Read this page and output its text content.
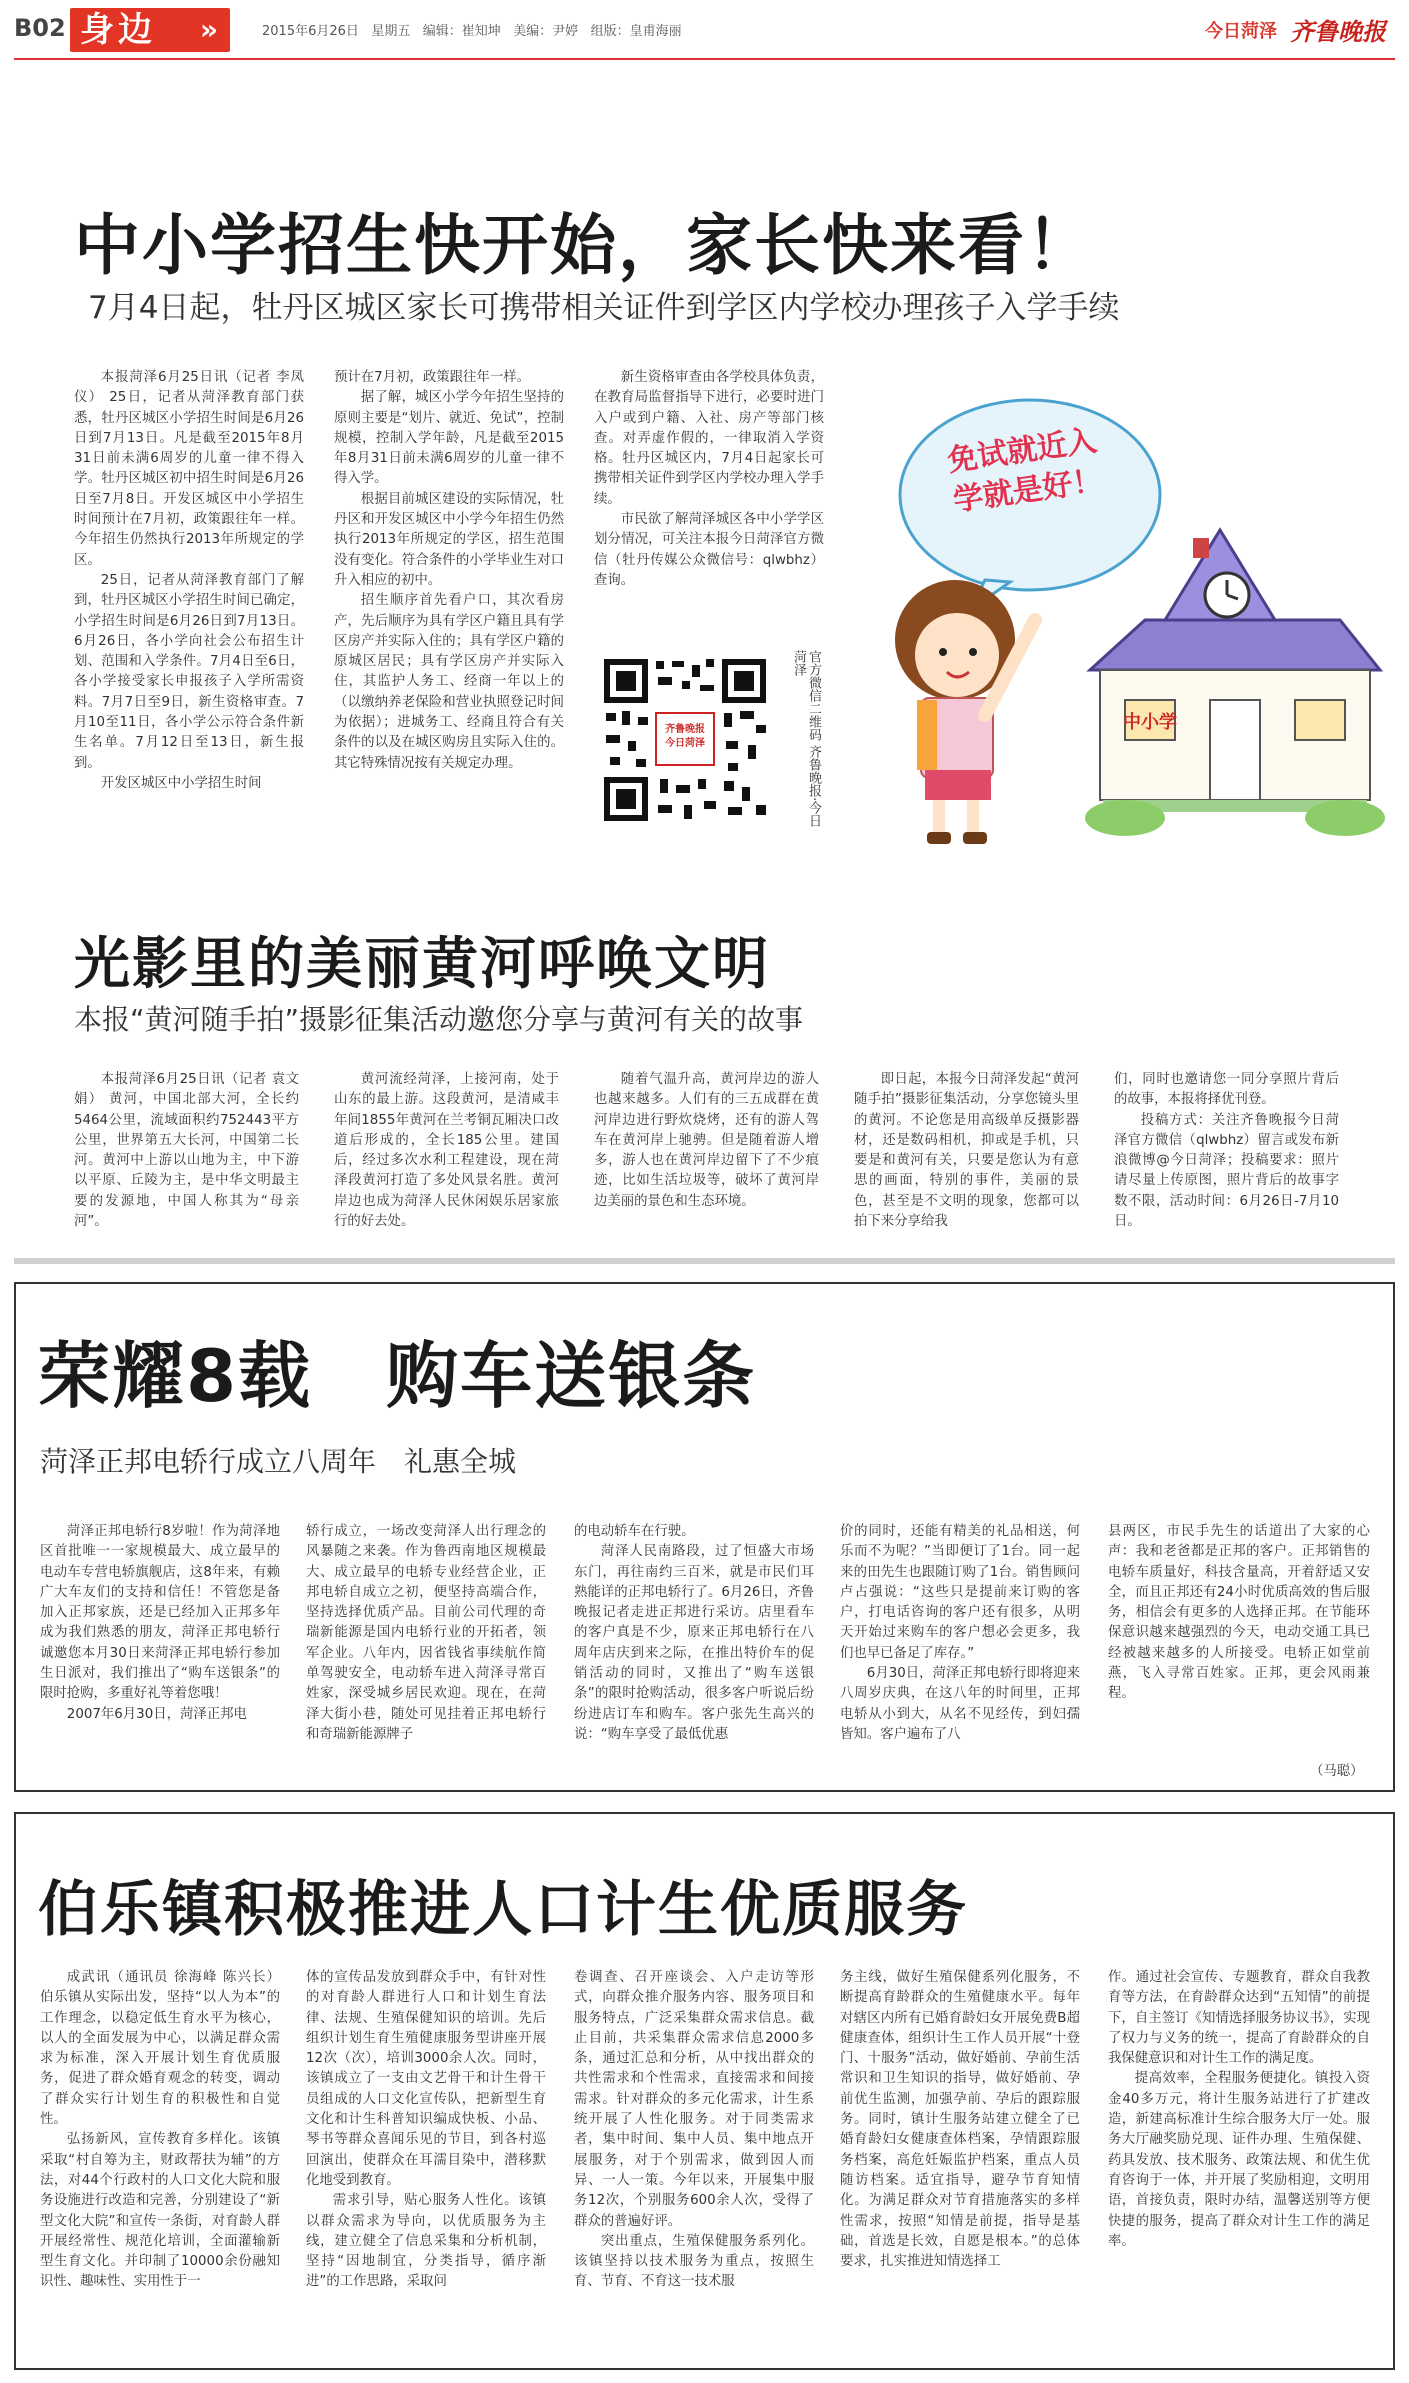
B02 身边 »	2015年6月26日 星期五 编辑：崔知坤 美编：尹婷 组版：皇甫海丽	今日菏泽 齐鲁晚报
中小学招生快开始，家长快来看！
7月4日起，牡丹区城区家长可携带相关证件到学区内学校办理孩子入学手续

本报菏泽6月25日讯（记者 李凤仪） 25日，记者从菏泽教育部门获悉，牡丹区城区小学招生时间是6月26日到7月13日。凡是截至2015年8月31日前未满6周岁的儿童一律不得入学。牡丹区城区初中招生时间是6月26日至7月8日。开发区城区中小学招生时间预计在7月初，政策跟往年一样。今年招生仍然执行2013年所规定的学区。

25日，记者从菏泽教育部门了解到，牡丹区城区小学招生时间已确定，小学招生时间是6月26日到7月13日。6月26日，各小学向社会公布招生计划、范围和入学条件。7月4日至6日，各小学接受家长申报孩子入学所需资料。7月7日至9日，新生资格审查。7月10至11日，各小学公示符合条件新生名单。7月12日至13日，新生报到。

开发区城区中小学招生时间

预计在7月初，政策跟往年一样。

据了解，城区小学今年招生坚持的原则主要是“划片、就近、免试”，控制规模，控制入学年龄，凡是截至2015年8月31日前未满6周岁的儿童一律不得入学。

根据目前城区建设的实际情况，牡丹区和开发区城区中小学今年招生仍然执行2013年所规定的学区，招生范围没有变化。符合条件的小学毕业生对口升入相应的初中。

招生顺序首先看户口，其次看房产，先后顺序为具有学区户籍且具有学区房产并实际入住的；具有学区户籍的原城区居民；具有学区房产并实际入住，其监护人务工、经商一年以上的（以缴纳养老保险和营业执照登记时间为依据）；进城务工、经商且符合有关条件的以及在城区购房且实际入住的。其它特殊情况按有关规定办理。

新生资格审查由各学校具体负责，在教育局监督指导下进行，必要时进门入户或到户籍、入社、房产等部门核查。对弄虚作假的，一律取消入学资格。牡丹区城区内，7月4日起家长可携带相关证件到学区内学校办理入学手续。

市民欲了解菏泽城区各中小学学区划分情况，可关注本报今日菏泽官方微信（牡丹传媒公众微信号：qlwbhz）查询。

齐鲁晚报 今日菏泽	官方微信二维码 齐鲁晚报·今日菏泽
免试就近入学就是好！
中小学
光影里的美丽黄河呼唤文明
本报“黄河随手拍”摄影征集活动邀您分享与黄河有关的故事

本报菏泽6月25日讯（记者 袁文娟） 黄河，中国北部大河，全长约5464公里，流域面积约752443平方公里，世界第五大长河，中国第二长河。黄河中上游以山地为主，中下游以平原、丘陵为主，是中华文明最主要的发源地，中国人称其为“母亲河”。

黄河流经菏泽，上接河南，处于山东的最上游。这段黄河，是清咸丰年间1855年黄河在兰考铜瓦厢决口改道后形成的，全长185公里。建国后，经过多次水利工程建设，现在菏泽段黄河打造了多处风景名胜。黄河岸边也成为菏泽人民休闲娱乐居家旅行的好去处。

随着气温升高，黄河岸边的游人也越来越多。人们有的三五成群在黄河岸边进行野炊烧烤，还有的游人驾车在黄河岸上驰骋。但是随着游人增多，游人也在黄河岸边留下了不少痕迹，比如生活垃圾等，破坏了黄河岸边美丽的景色和生态环境。

即日起，本报今日菏泽发起“黄河随手拍”摄影征集活动，分享您镜头里的黄河。不论您是用高级单反摄影器材，还是数码相机，抑或是手机，只要是和黄河有关，只要是您认为有意思的画面，特别的事件，美丽的景色，甚至是不文明的现象，您都可以拍下来分享给我

们，同时也邀请您一同分享照片背后的故事，本报将择优刊登。

投稿方式：关注齐鲁晚报今日菏泽官方微信（qlwbhz）留言或发布新浪微博@今日菏泽；投稿要求：照片请尽量上传原图，照片背后的故事字数不限，活动时间：6月26日-7月10日。

荣耀8载　购车送银条
菏泽正邦电轿行成立八周年　礼惠全城

菏泽正邦电轿行8岁啦！作为菏泽地区首批唯一一家规模最大、成立最早的电动车专营电轿旗舰店，这8年来，有赖广大车友们的支持和信任！不管您是备加入正邦家族，还是已经加入正邦多年成为我们熟悉的朋友，菏泽正邦电轿行诚邀您本月30日来菏泽正邦电轿行参加生日派对，我们推出了“购车送银条”的限时抢购，多重好礼等着您哦！

2007年6月30日，菏泽正邦电

轿行成立，一场改变菏泽人出行理念的风暴随之来袭。作为鲁西南地区规模最大、成立最早的电轿专业经营企业，正邦电轿自成立之初，便坚持高端合作，坚持选择优质产品。目前公司代理的奇瑞新能源是国内电轿行业的开拓者，领军企业。八年内，因省钱省事续航作简单驾驶安全，电动轿车进入菏泽寻常百姓家，深受城乡居民欢迎。现在，在菏泽大街小巷，随处可见挂着正邦电轿行和奇瑞新能源牌子

的电动轿车在行驶。

菏泽人民南路段，过了恒盛大市场东门，再往南约三百米，就是市民们耳熟能详的正邦电轿行了。6月26日，齐鲁晚报记者走进正邦进行采访。店里看车的客户真是不少，原来正邦电轿行在八周年店庆到来之际，在推出特价车的促销活动的同时，又推出了“购车送银条”的限时抢购活动，很多客户听说后纷纷进店订车和购车。客户张先生高兴的说：“购车享受了最低优惠

价的同时，还能有精美的礼品相送，何乐而不为呢？”当即便订了1台。同一起来的田先生也跟随订购了1台。销售顾问卢占强说：“这些只是提前来订购的客户，打电话咨询的客户还有很多，从明天开始过来购车的客户想必会更多，我们也早已备足了库存。”

6月30日，菏泽正邦电轿行即将迎来八周岁庆典，在这八年的时间里，正邦电轿从小到大，从名不见经传，到妇孺皆知。客户遍布了八

县两区，市民手先生的话道出了大家的心声：我和老爸都是正邦的客户。正邦销售的电轿车质量好，科技含量高，开着舒适又安全，而且正邦还有24小时优质高效的售后服务，相信会有更多的人选择正邦。在节能环保意识越来越强烈的今天，电动交通工具已经被越来越多的人所接受。电轿正如堂前燕，飞入寻常百姓家。正邦，更会风雨兼程。

（马聪）
伯乐镇积极推进人口计生优质服务

成武讯（通讯员 徐海峰 陈兴长） 伯乐镇从实际出发，坚持“以人为本”的工作理念，以稳定低生育水平为核心，以人的全面发展为中心，以满足群众需求为标准，深入开展计划生育优质服务，促进了群众婚育观念的转变，调动了群众实行计划生育的积极性和自觉性。

弘扬新风，宣传教育多样化。该镇采取“村自筹为主，财政帮扶为辅”的方法，对44个行政村的人口文化大院和服务设施进行改造和完善，分别建设了“新型文化大院”和宣传一条街，对育龄人群开展经常性、规范化培训，全面灌输新型生育文化。并印制了10000余份融知识性、趣味性、实用性于一

体的宣传品发放到群众手中，有针对性的对育龄人群进行人口和计划生育法律、法规、生殖保健知识的培训。先后组织计划生育生殖健康服务型讲座开展12次（次），培训3000余人次。同时，该镇成立了一支由文艺骨干和计生骨干员组成的人口文化宣传队，把新型生育文化和计生科普知识编成快板、小品、琴书等群众喜闻乐见的节目，到各村巡回演出，使群众在耳濡目染中，潜移默化地受到教育。

需求引导，贴心服务人性化。该镇以群众需求为导向，以优质服务为主线，建立健全了信息采集和分析机制，坚持“因地制宜，分类指导，循序渐进”的工作思路，采取问

卷调查、召开座谈会、入户走访等形式，向群众推介服务内容、服务项目和服务特点，广泛采集群众需求信息。截止目前，共采集群众需求信息2000多条，通过汇总和分析，从中找出群众的共性需求和个性需求，直接需求和间接需求。针对群众的多元化需求，计生系统开展了人性化服务。对于同类需求者，集中时间、集中人员、集中地点开展服务，对于个别需求，做到因人而异、一人一策。今年以来，开展集中服务12次，个别服务600余人次，受得了群众的普遍好评。

突出重点，生殖保健服务系列化。该镇坚持以技术服务为重点，按照生育、节育、不育这一技术服

务主线，做好生殖保健系列化服务，不断提高育龄群众的生殖健康水平。每年对辖区内所有已婚育龄妇女开展免费B超健康查体，组织计生工作人员开展“十登门、十服务”活动，做好婚前、孕前生活常识和卫生知识的指导，做好婚前、孕前优生监测，加强孕前、孕后的跟踪服务。同时，镇计生服务站建立健全了已婚育龄妇女健康查体档案，孕情跟踪服务档案，高危妊娠监护档案，重点人员随访档案。适宜指导，避孕节育知情化。为满足群众对节育措施落实的多样性需求，按照“知情是前提，指导是基础，首选是长效，自愿是根本。”的总体要求，扎实推进知情选择工

作。通过社会宣传、专题教育，群众自我教育等方法，在育龄群众达到“五知情”的前提下，自主签订《知情选择服务协议书》，实现了权力与义务的统一，提高了育龄群众的自我保健意识和对计生工作的满足度。

提高效率，全程服务便捷化。镇投入资金40多万元，将计生服务站进行了扩建改造，新建高标准计生综合服务大厅一处。服务大厅融奖励兑现、证件办理、生殖保健、药具发放、技术服务、政策法规、和优生优育咨询于一体，并开展了奖励相迎，文明用语，首接负责，限时办结，温馨送别等方便快捷的服务，提高了群众对计生工作的满足率。
